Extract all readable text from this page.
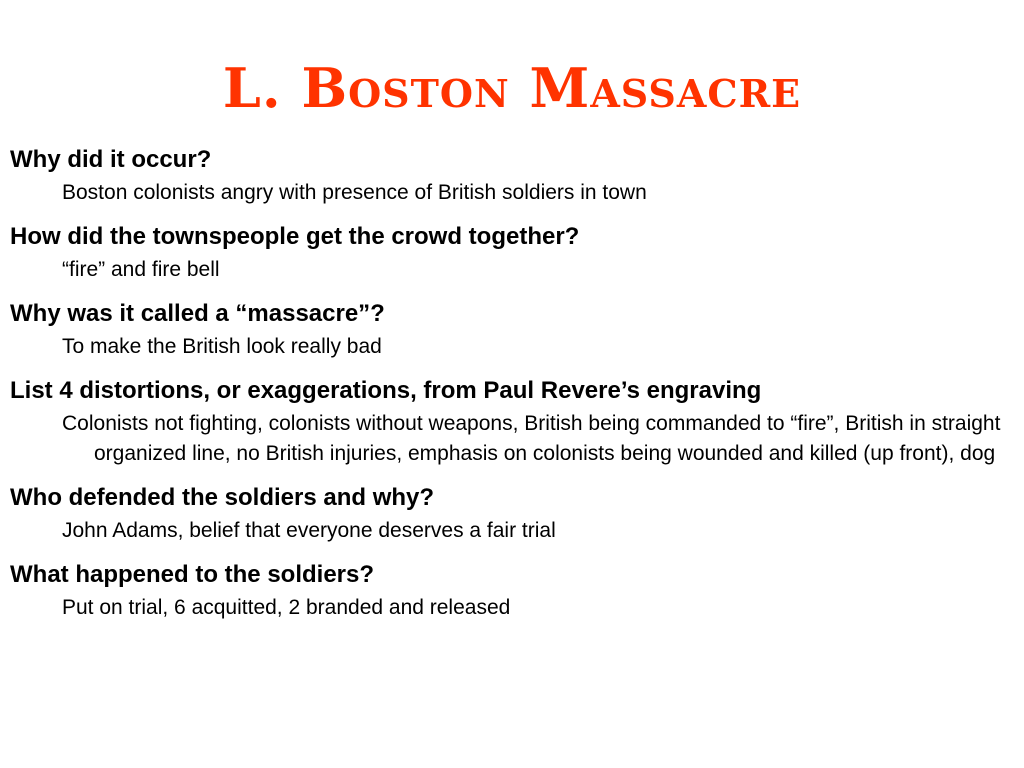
L. Boston Massacre
Why did it occur?
Boston colonists angry with presence of British soldiers in town
How did the townspeople get the crowd together?
“fire” and fire bell
Why was it called a “massacre”?
To make the British look really bad
List 4 distortions, or exaggerations, from Paul Revere’s engraving
Colonists not fighting, colonists without weapons, British being commanded to “fire”, British in straight organized line, no British injuries, emphasis on colonists being wounded and killed (up front), dog
Who defended the soldiers and why?
John Adams, belief that everyone deserves a fair trial
What happened to the soldiers?
Put on trial, 6 acquitted, 2 branded and released
